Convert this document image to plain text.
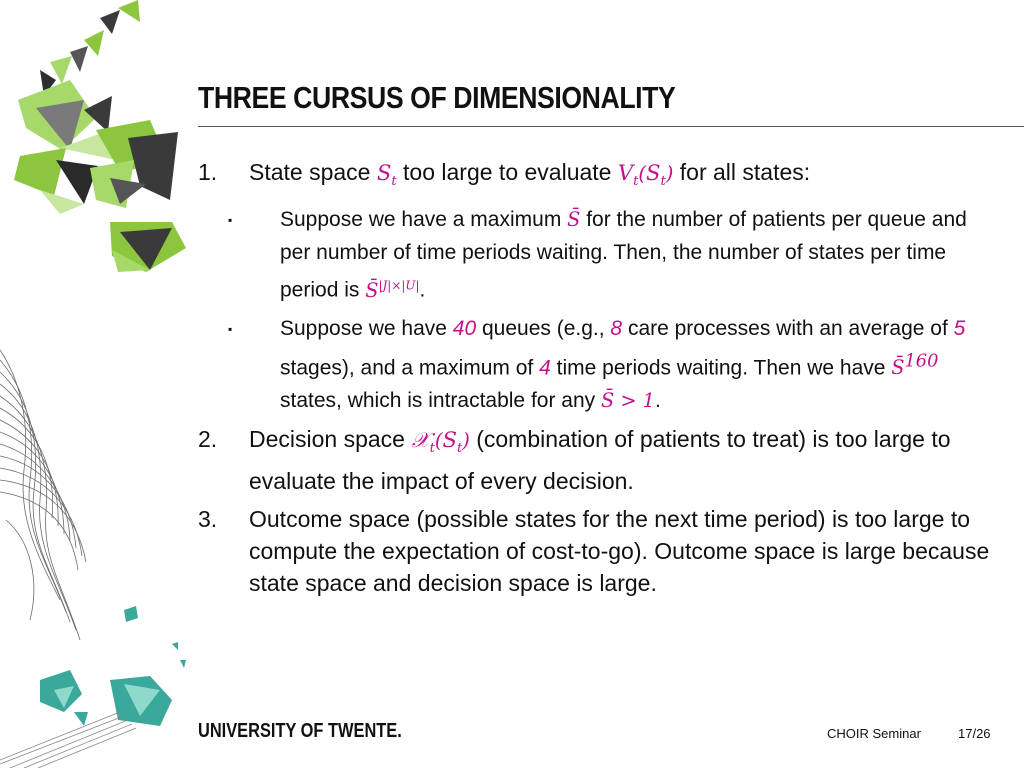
THREE CURSUS OF DIMENSIONALITY
1.	State space $S_t$ too large to evaluate $V_t(S_t)$ for all states:
▪	Suppose we have a maximum S̄ for the number of patients per queue and per number of time periods waiting. Then, the number of states per time period is S̄$^{|J|\times|U|}$.
▪	Suppose we have 40 queues (e.g., 8 care processes with an average of 5 stages), and a maximum of 4 time periods waiting. Then we have S̄$^{160}$ states, which is intractable for any S̄ > 1.
2.	Decision space $𝒳_t(S_t)$ (combination of patients to treat) is too large to evaluate the impact of every decision.
3.	Outcome space (possible states for the next time period) is too large to compute the expectation of cost-to-go). Outcome space is large because state space and decision space is large.
UNIVERSITY OF TWENTE.	CHOIR Seminar	17/26
